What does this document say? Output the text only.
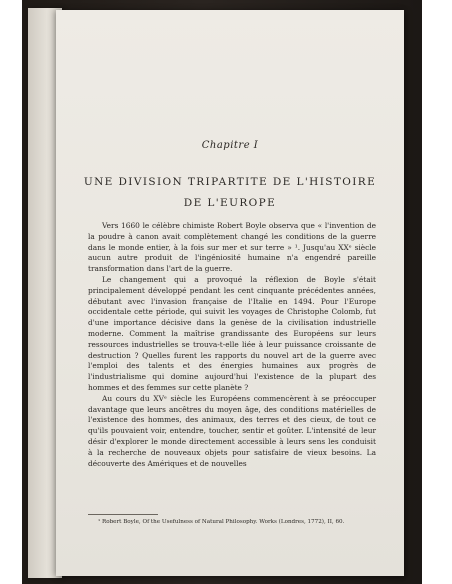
Chapitre I
UNE DIVISION TRIPARTITE DE L'HISTOIRE
DE L'EUROPE

Vers 1660 le célèbre chimiste Robert Boyle observa que « l'invention de la poudre à canon avait complètement changé les conditions de la guerre dans le monde entier, à la fois sur mer et sur terre » ¹. Jusqu'au XXᵉ siècle aucun autre produit de l'ingéniosité humaine n'a engendré pareille transformation dans l'art de la guerre.

Le changement qui a provoqué la réflexion de Boyle s'était principalement développé pendant les cent cinquante précédentes années, débutant avec l'invasion française de l'Italie en 1494. Pour l'Europe occidentale cette période, qui suivit les voyages de Christophe Colomb, fut d'une importance décisive dans la genèse de la civilisation industrielle moderne. Comment la maîtrise grandissante des Européens sur leurs ressources industrielles se trouva-t-elle liée à leur puissance croissante de destruction ? Quelles furent les rapports du nouvel art de la guerre avec l'emploi des talents et des énergies humaines aux progrès de l'industrialisme qui domine aujourd'hui l'existence de la plupart des hommes et des femmes sur cette planète ?

Au cours du XVᵉ siècle les Européens commencèrent à se préoccuper davantage que leurs ancêtres du moyen âge, des conditions matérielles de l'existence des hommes, des animaux, des terres et des cieux, de tout ce qu'ils pouvaient voir, entendre, toucher, sentir et goûter. L'intensité de leur désir d'explorer le monde directement accessible à leurs sens les conduisit à la recherche de nouveaux objets pour satisfaire de vieux besoins. La découverte des Amériques et de nouvelles

¹ Robert Boyle, Of the Usefulness of Natural Philosophy. Works (Londres, 1772), II, 60.
